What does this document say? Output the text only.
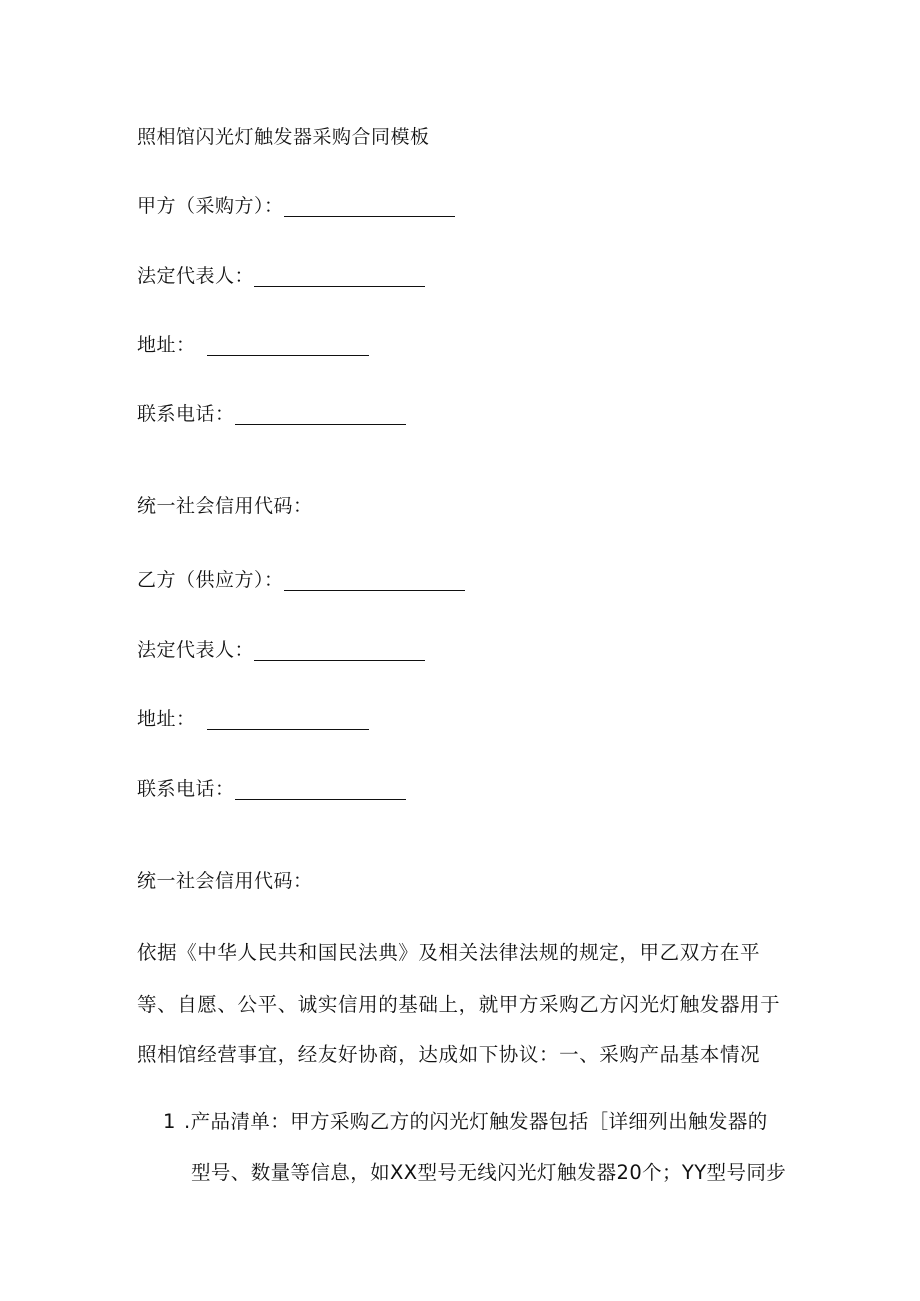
照相馆闪光灯触发器采购合同模板
甲方（采购方）：
法定代表人：
地址：
联系电话：
统一社会信用代码：
乙方（供应方）：
法定代表人：
地址：
联系电话：
统一社会信用代码：
依据《中华人民共和国民法典》及相关法律法规的规定，甲乙双方在平
等、自愿、公平、诚实信用的基础上，就甲方采购乙方闪光灯触发器用于
照相馆经营事宜，经友好协商，达成如下协议：一、采购产品基本情况
1 .产品清单：甲方采购乙方的闪光灯触发器包括［详细列出触发器的
型号、数量等信息，如XX型号无线闪光灯触发器20个；YY型号同步
